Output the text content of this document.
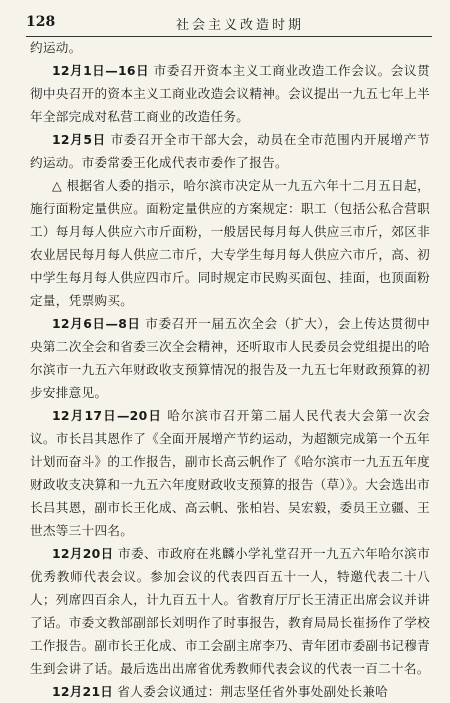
128	社会主义改造时期

约运动。

12月1日—16日 市委召开资本主义工商业改造工作会议。会议贯彻中央召开的资本主义工商业改造会议精神。会议提出一九五七年上半年全部完成对私营工商业的改造任务。

12月5日 市委召开全市干部大会，动员在全市范围内开展增产节约运动。市委常委王化成代表市委作了报告。

△ 根据省人委的指示，哈尔滨市决定从一九五六年十二月五日起，施行面粉定量供应。面粉定量供应的方案规定：职工（包括公私合营职工）每月每人供应六市斤面粉，一般居民每月每人供应三市斤，郊区非农业居民每月每人供应二市斤，大专学生每月每人供应六市斤，高、初中学生每月每人供应四市斤。同时规定市民购买面包、挂面，也顶面粉定量，凭票购买。

12月6日—8日 市委召开一届五次全会（扩大），会上传达贯彻中央第二次全会和省委三次全会精神，还听取市人民委员会党组提出的哈尔滨市一九五六年财政收支预算情况的报告及一九五七年财政预算的初步安排意见。

12月17日—20日 哈尔滨市召开第二届人民代表大会第一次会议。市长吕其恩作了《全面开展增产节约运动，为超额完成第一个五年计划而奋斗》的工作报告，副市长高云帆作了《哈尔滨市一九五五年度财政收支决算和一九五六年度财政收支预算的报告（草）》。大会选出市长吕其恩，副市长王化成、高云帆、张柏岩、吴宏毅，委员王立疆、王世杰等三十四名。

12月20日 市委、市政府在兆麟小学礼堂召开一九五六年哈尔滨市优秀教师代表会议。参加会议的代表四百五十一人，特邀代表二十八人；列席四百余人，计九百五十人。省教育厅厅长王清正出席会议并讲了话。市委文教部副部长刘明作了时事报告，教育局局长崔扬作了学校工作报告。副市长王化成、市工会副主席李乃、青年团市委副书记穆青生到会讲了话。最后选出出席省优秀教师代表会议的代表一百二十名。

12月21日 省人委会议通过：荆志坚任省外事处副处长兼哈
